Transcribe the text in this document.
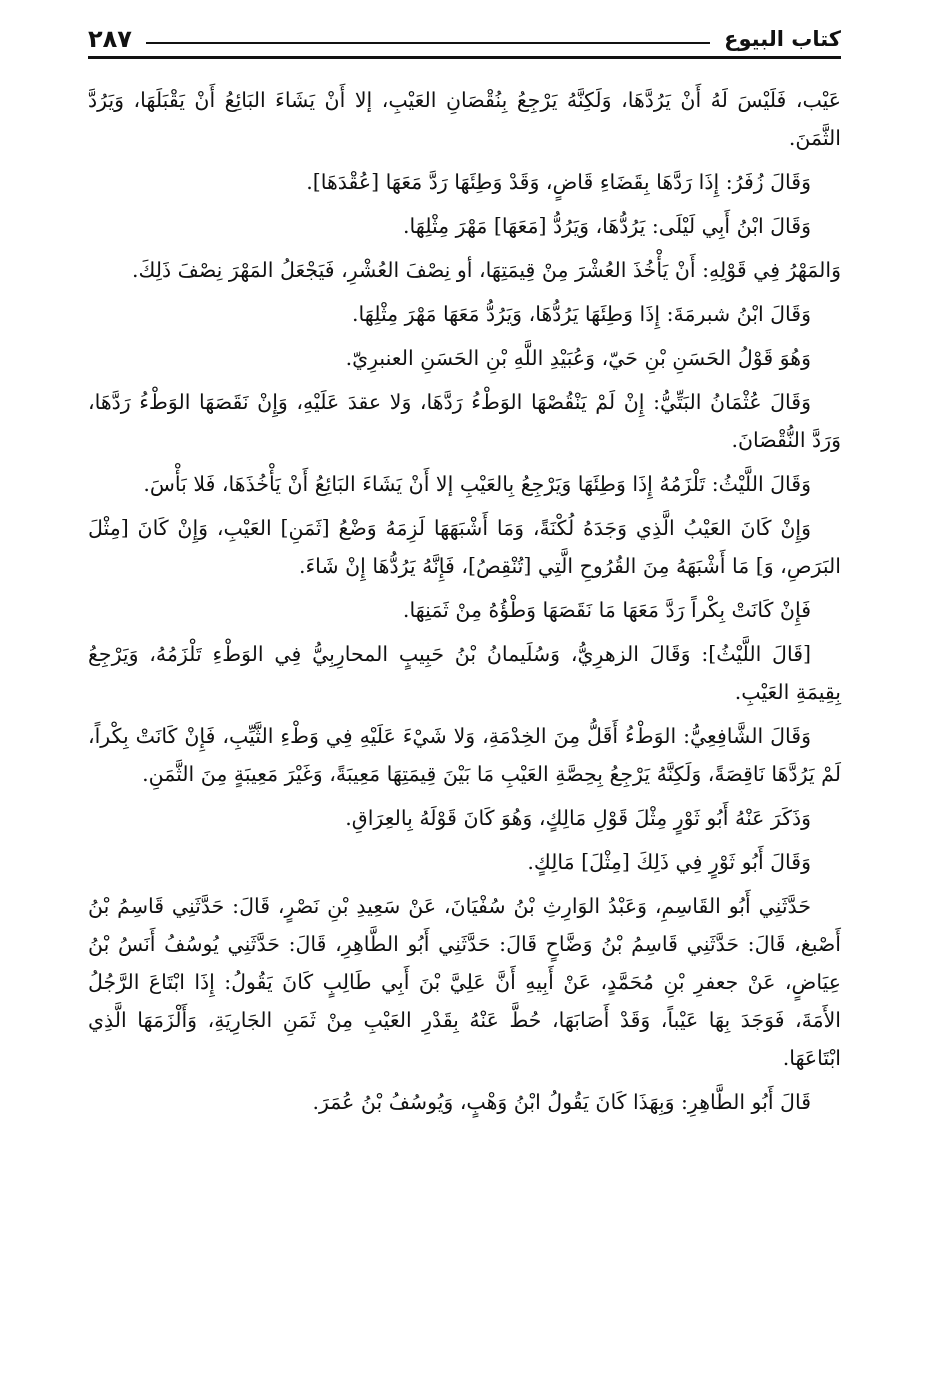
كتاب البيوع
٢٨٧

عَيْب، فَلَيْسَ لَهُ أَنْ يَرُدَّهَا، وَلَكِنَّهُ يَرْجِعُ بِنُقْصَانِ العَيْبِ، إلا أَنْ يَشَاءَ البَائِعُ أَنْ يَقْبَلَهَا، وَيَرُدَّ الثَّمَنَ.

وَقَالَ زُفَرُ: إِذَا رَدَّهَا بِقَضَاءِ قَاضٍ، وَقَدْ وَطِئَهَا رَدَّ مَعَهَا [عُقْدَهَا].

وَقَالَ ابْنُ أَبِي لَيْلَى: يَرُدُّهَا، وَيَرُدُّ [مَعَهَا] مَهْرَ مِثْلِهَا.

وَالمَهْرُ فِي قَوْلِهِ: أَنْ يَأْخُذَ العُشْرَ مِنْ قِيمَتِهَا، أو نِصْفَ العُشْرِ، فَيَجْعَلُ المَهْرَ نِصْفَ ذَلِكَ.

وَقَالَ ابْنُ شبرمَةَ: إِذَا وَطِئَهَا يَرُدُّهَا، وَيَرُدُّ مَعَهَا مَهْرَ مِثْلِهَا.

وَهُوَ قَوْلُ الحَسَنِ بْنِ حَيّ، وَعُبَيْدِ اللَّهِ بْنِ الحَسَنِ العنبرِيّ.

وَقَالَ عُثْمَانُ البَتِّيُّ: إِنْ لَمْ يَنْقُصْهَا الوَطْءُ رَدَّهَا، وَلا عقدَ عَلَيْهِ، وَإِنْ نَقَصَهَا الوَطْءُ رَدَّهَا، وَرَدَّ النُّقْصَانَ.

وَقَالَ اللَّيْثُ: تَلْزَمُهُ إِذَا وَطِئَهَا وَيَرْجِعُ بِالعَيْبِ إلا أَنْ يَشَاءَ البَائِعُ أَنْ يَأْخُذَهَا، فَلا بَأْسَ.

وَإِنْ كَانَ العَيْبُ الَّذِي وَجَدَهُ لُكْنَةً، وَمَا أَشْبَهَهَا لَزِمَهُ وَضْعُ [ثَمَنِ] العَيْبِ، وَإِنْ كَانَ [مِثْلَ البَرَصِ، وَ] مَا أَشْبَهَهُ مِنَ القُرُوحِ الَّتِي [تُنْقِصُ]، فَإِنَّهُ يَرُدُّهَا إِنْ شَاءَ.

فَإِنْ كَانَتْ بِكْراً رَدَّ مَعَهَا مَا نَقَصَهَا وَطْؤُهُ مِنْ ثَمَنِهَا.

[قَالَ اللَّيْثُ]: وَقَالَ الزهرِيُّ، وَسُلَيمانُ بْنُ حَبِيبٍ المحارِبِيُّ فِي الوَطْءِ تَلْزَمُهُ، وَيَرْجِعُ بِقِيمَةِ العَيْبِ.

وَقَالَ الشَّافِعِيُّ: الوَطْءُ أَقَلُّ مِنَ الخِدْمَةِ، وَلا شَيْءَ عَلَيْهِ فِي وَطْءِ الثَّيِّبِ، فَإِنْ كَانَتْ بِكْراً، لَمْ يَرُدَّهَا نَاقِصَةً، وَلَكِنَّهُ يَرْجِعُ بِحِصَّةِ العَيْبِ مَا بَيْنَ قِيمَتِهَا مَعِيبَةً، وَغَيْرَ مَعِيبَةٍ مِنَ الثَّمَنِ.

وَذَكَرَ عَنْهُ أَبُو ثَوْرٍ مِثْلَ قَوْلِ مَالِكٍ، وَهُوَ كَانَ قَوْلَهُ بِالعِرَاقِ.

وَقَالَ أَبُو ثَوْرٍ فِي ذَلِكَ [مِثْلَ] مَالِكٍ.

حَدَّثَنِي أَبُو القَاسِمِ، وَعَبْدُ الوَارِثِ بْنُ سُفْيَانَ، عَنْ سَعِيدِ بْنِ نَصْرٍ، قَالَ: حَدَّثَنِي قَاسِمُ بْنُ أَصْبغ، قَالَ: حَدَّثَنِي قَاسِمُ بْنُ وَضَّاحٍ قَالَ: حَدَّثَنِي أَبُو الطَّاهِرِ، قَالَ: حَدَّثَنِي يُوسُفُ أَنَسُ بْنُ عِيَاضٍ، عَنْ جعفرِ بْنِ مُحَمَّدٍ، عَنْ أَبِيهِ أَنَّ عَلِيَّ بْنَ أَبِي طَالِبٍ كَانَ يَقُولُ: إِذَا ابْتَاعَ الرَّجُلُ الأَمَةَ، فَوَجَدَ بِهَا عَيْباً، وَقَدْ أَصَابَهَا، حُطَّ عَنْهُ بِقَدْرِ العَيْبِ مِنْ ثَمَنِ الجَارِيَةِ، وَأَلْزَمَهَا الَّذِي ابْتَاعَهَا.

قَالَ أَبُو الطَّاهِرِ: وَبِهَذَا كَانَ يَقُولُ ابْنُ وَهْبٍ، وَيُوسُفُ بْنُ عُمَرَ.
